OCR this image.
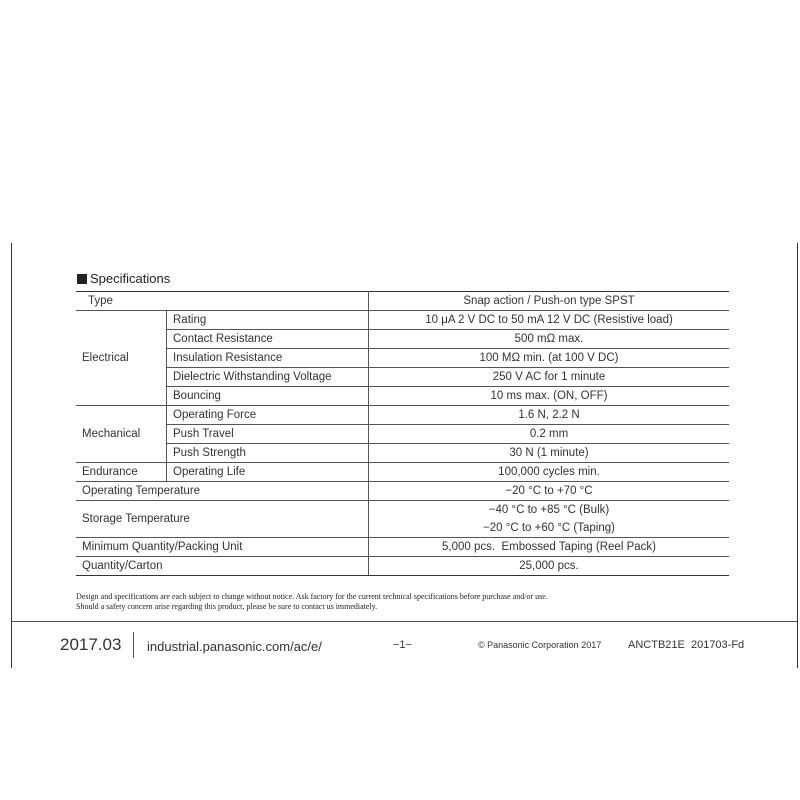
Specifications
Type		Snap action / Push-on type SPST
Electrical	Rating	10 μA 2 V DC to 50 mA 12 V DC (Resistive load)
	Contact Resistance	500 mΩ max.
	Insulation Resistance	100 MΩ min. (at 100 V DC)
	Dielectric Withstanding Voltage	250 V AC for 1 minute
	Bouncing	10 ms max. (ON, OFF)
Mechanical	Operating Force	1.6 N, 2.2 N
	Push Travel	0.2 mm
	Push Strength	30 N (1 minute)
Endurance	Operating Life	100,000 cycles min.
Operating Temperature		−20 °C to +70 °C
Storage Temperature		−40 °C to +85 °C (Bulk)
−20 °C to +60 °C (Taping)

Minimum Quantity/Packing Unit		5,000 pcs.  Embossed Taping (Reel Pack)
Quantity/Carton		25,000 pcs.
Design and specifications are each subject to change without notice. Ask factory for the current technical specifications before purchase and/or use.
Should a safety concern arise regarding this product, please be sure to contact us immediately.
2017.03 industrial.panasonic.com/ac/e/	−1−	© Panasonic Corporation 2017 ANCTB21E  201703-Fd
